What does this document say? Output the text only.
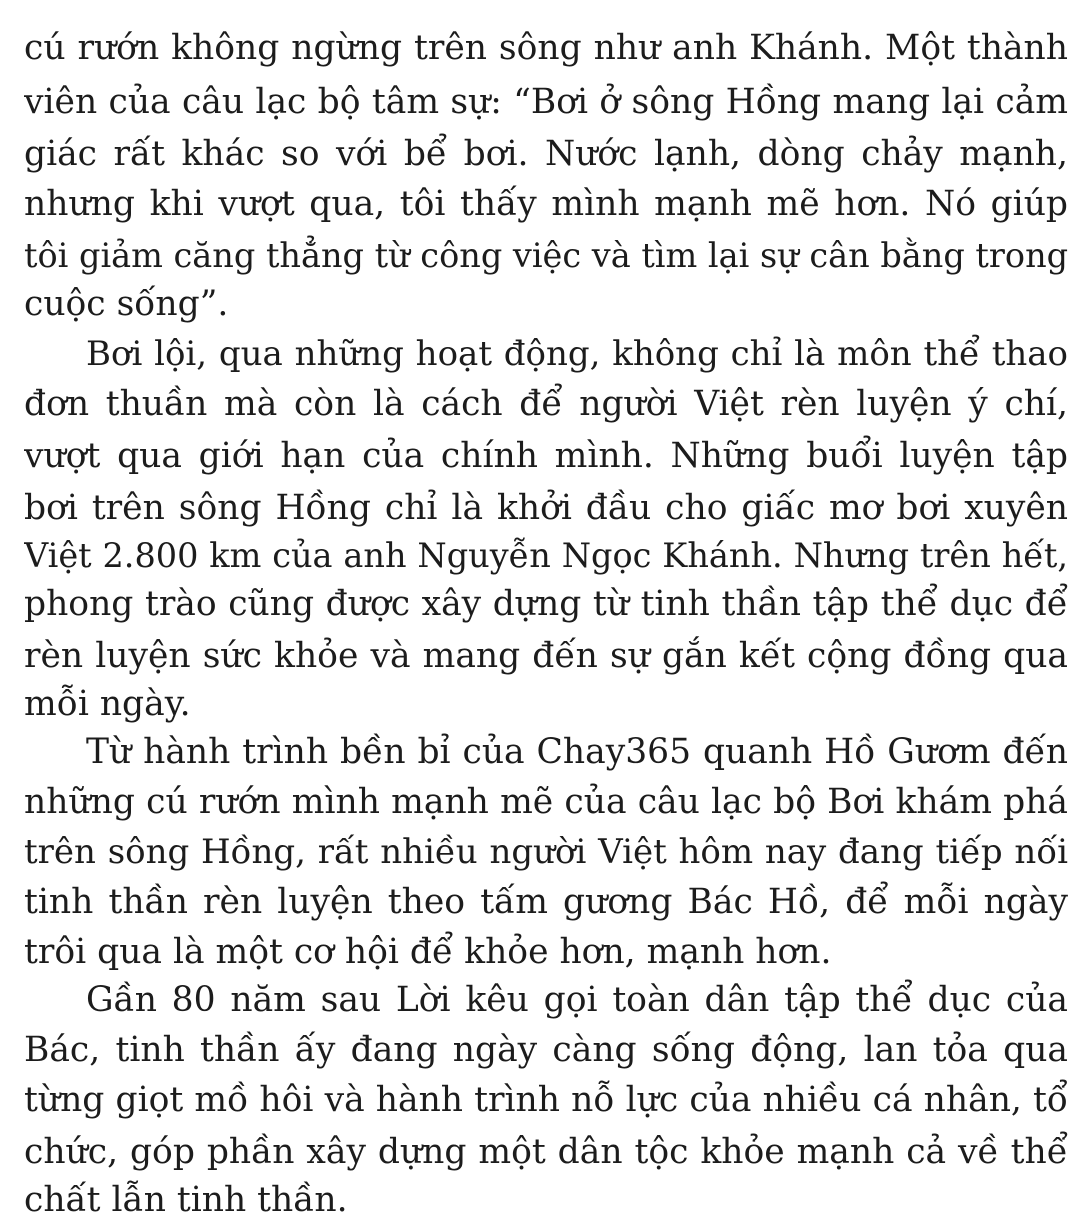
cú rướn không ngừng trên sông như anh Khánh. Một thành
viên của câu lạc bộ tâm sự: “Bơi ở sông Hồng mang lại cảm
giác rất khác so với bể bơi. Nước lạnh, dòng chảy mạnh,
nhưng khi vượt qua, tôi thấy mình mạnh mẽ hơn. Nó giúp
tôi giảm căng thẳng từ công việc và tìm lại sự cân bằng trong
cuộc sống”.
Bơi lội, qua những hoạt động, không chỉ là môn thể thao
đơn thuần mà còn là cách để người Việt rèn luyện ý chí,
vượt qua giới hạn của chính mình. Những buổi luyện tập
bơi trên sông Hồng chỉ là khởi đầu cho giấc mơ bơi xuyên
Việt 2.800 km của anh Nguyễn Ngọc Khánh. Nhưng trên hết,
phong trào cũng được xây dựng từ tinh thần tập thể dục để
rèn luyện sức khỏe và mang đến sự gắn kết cộng đồng qua
mỗi ngày.
Từ hành trình bền bỉ của Chay365 quanh Hồ Gươm đến
những cú rướn mình mạnh mẽ của câu lạc bộ Bơi khám phá
trên sông Hồng, rất nhiều người Việt hôm nay đang tiếp nối
tinh thần rèn luyện theo tấm gương Bác Hồ, để mỗi ngày
trôi qua là một cơ hội để khỏe hơn, mạnh hơn.
Gần 80 năm sau Lời kêu gọi toàn dân tập thể dục của
Bác, tinh thần ấy đang ngày càng sống động, lan tỏa qua
từng giọt mồ hôi và hành trình nỗ lực của nhiều cá nhân, tổ
chức, góp phần xây dựng một dân tộc khỏe mạnh cả về thể
chất lẫn tinh thần.
